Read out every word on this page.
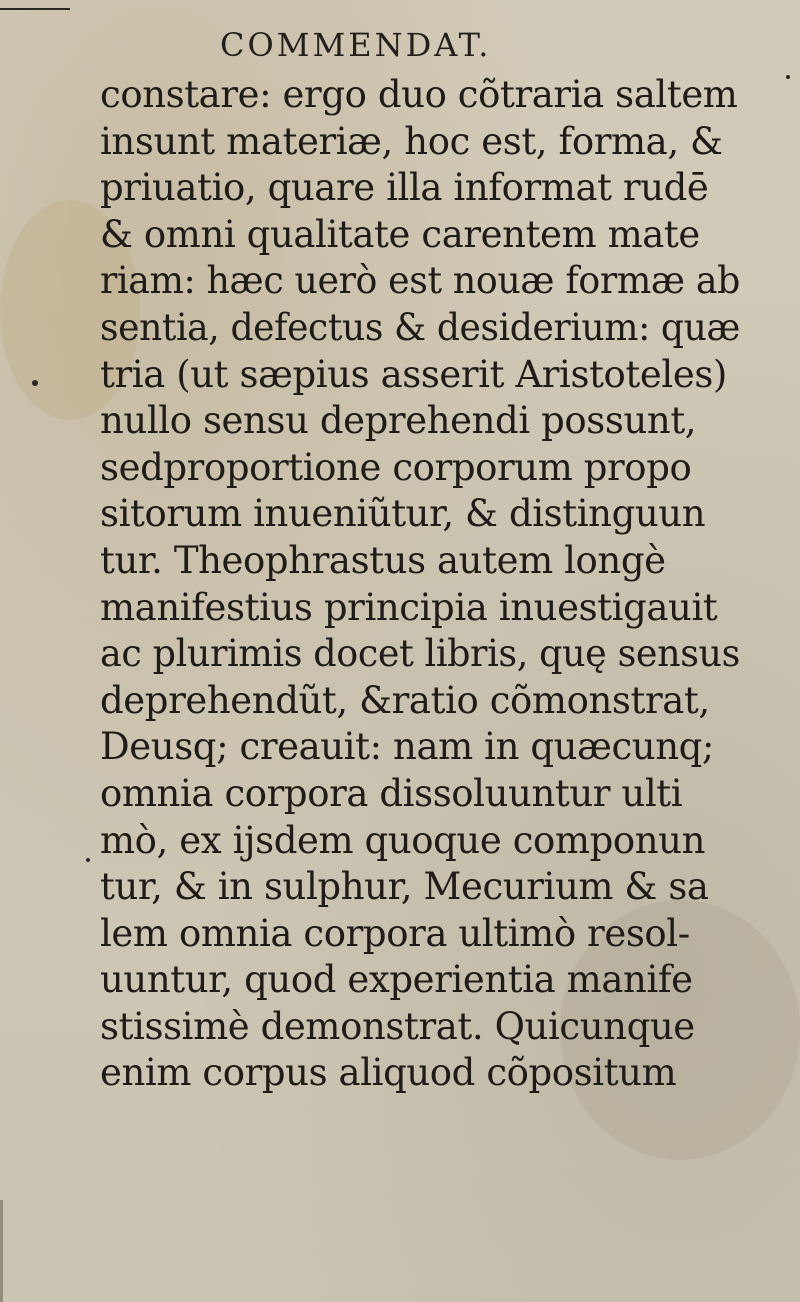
COMMENDAT.
constare: ergo duo cõtraria saltem
insunt materiæ, hoc est, forma, &
priuatio, quare illa informat rudē
& omni qualitate carentem mate
riam: hæc uerò est nouæ formæ ab
sentia, defectus & desiderium: quæ
tria (ut sæpius asserit Aristoteles)
nullo sensu deprehendi possunt,
sedproportione corporum propo
sitorum inueniũtur, & distinguun
tur. Theophrastus autem longè
manifestius principia inuestigauit
ac plurimis docet libris, quę sensus
deprehendũt, &ratio cõmonstrat,
Deusq; creauit: nam in quæcunq;
omnia corpora dissoluuntur ulti
mò, ex ijsdem quoque componun
tur, & in sulphur, Mecurium & sa
lem omnia corpora ultimò resol-
uuntur, quod experientia manife
stissimè demonstrat. Quicunque
enim corpus aliquod cõpositum
